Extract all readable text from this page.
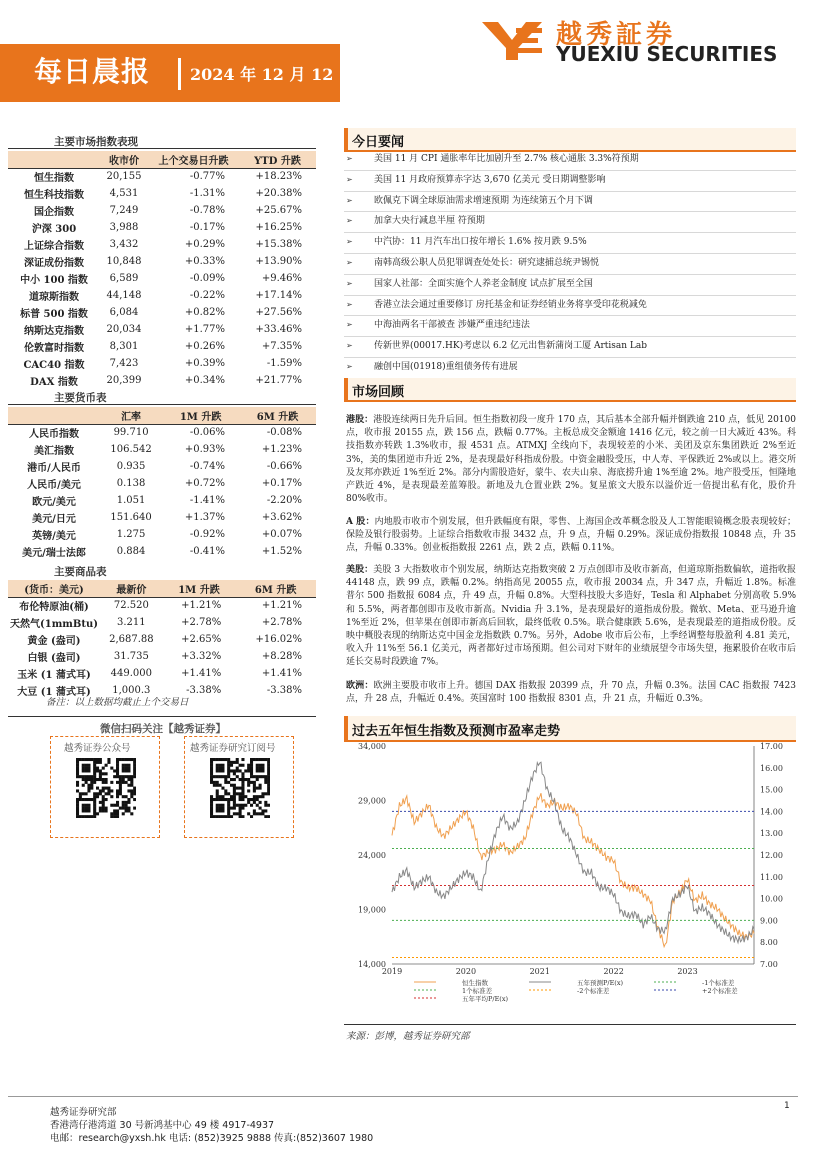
每日晨报 2024 年 12 月 12 日
越秀証券
YUEXIU SECURITIES
主要市场指数表现
	收市价	上个交易日升跌	YTD 升跌
恒生指数	20,155	-0.77%	+18.23%
恒生科技指数	4,531	-1.31%	+20.38%
国企指数	7,249	-0.78%	+25.67%
沪深 300	3,988	-0.17%	+16.25%
上证综合指数	3,432	+0.29%	+15.38%
深证成份指数	10,848	+0.33%	+13.90%
中小 100 指数	6,589	-0.09%	+9.46%
道琼斯指数	44,148	-0.22%	+17.14%
标普 500 指数	6,084	+0.82%	+27.56%
纳斯达克指数	20,034	+1.77%	+33.46%
伦敦富时指数	8,301	+0.26%	+7.35%
CAC40 指数	7,423	+0.39%	-1.59%
DAX 指数	20,399	+0.34%	+21.77%
主要货币表
	汇率	1M 升跌	6M 升跌
人民币指数	99.710	-0.06%	-0.08%
美汇指数	106.542	+0.93%	+1.23%
港币/人民币	0.935	-0.74%	-0.66%
人民币/美元	0.138	+0.72%	+0.17%
欧元/美元	1.051	-1.41%	-2.20%
美元/日元	151.640	+1.37%	+3.62%
英镑/美元	1.275	-0.92%	+0.07%
美元/瑞士法郎	0.884	-0.41%	+1.52%
主要商品表
(货币：美元)	最新价	1M 升跌	6M 升跌
布伦特原油(桶)	72.520	+1.21%	+1.21%
天然气(1mmBtu)	3.211	+2.78%	+2.78%
黄金 (盎司)	2,687.88	+2.65%	+16.02%
白银 (盎司)	31.735	+3.32%	+8.28%
玉米 (1 蒲式耳)	449.000	+1.41%	+1.41%
大豆 (1 蒲式耳)	1,000.3	-3.38%	-3.38%
备注：以上数据均截止上个交易日
微信扫码关注【越秀证券】
越秀证券公众号	越秀证券研究订阅号
今日要闻
➢ 美国 11 月 CPI 通胀率年比加剧升至 2.7% 核心通胀 3.3%符预期
➢ 美国 11 月政府预算赤字达 3,670 亿美元 受日期调整影响
➢ 欧佩克下调全球原油需求增速预期 为连续第五个月下调
➢ 加拿大央行减息半厘 符预期
➢ 中汽协：11 月汽车出口按年增长 1.6% 按月跌 9.5%
➢ 南韩高级公职人员犯罪调查处处长：研究逮捕总统尹锡悦
➢ 国家人社部：全面实施个人养老金制度 试点扩展至全国
➢ 香港立法会通过重要修订 房托基金和证券经销业务将享受印花税减免
➢ 中海油两名干部被查 涉嫌严重违纪违法
➢ 传新世界(00017.HK)考虑以 6.2 亿元出售新蒲岗工厦 Artisan Lab
➢ 融创中国(01918)重组债务传有进展
市场回顾
港股：港股连续两日先升后回。恒生指数初段一度升 170 点，其后基本全部升幅并倒跌逾 210 点，低见 20100 点，收市报 20155 点，跌 156 点，跌幅 0.77%。主板总成交金额逾 1416 亿元，较之前一日大减近 43%。科技指数亦转跌 1.3%收市，报 4531 点。ATMXJ 全线向下，表现较差的小米、美团及京东集团跌近 2%至近 3%，美的集团逆市升近 2%，是表现最好科指成份股。中资金融股受压，中人寿、平保跌近 2%或以上。港交所及友邦亦跌近 1%至近 2%。部分内需股造好，蒙牛、农夫山泉、海底捞升逾 1%至逾 2%。地产股受压，恒隆地产跌近 4%，是表现最差蓝筹股。新地及九仓置业跌 2%。复星旅文大股东以溢价近一倍提出私有化，股价升 80%收市。
A 股：内地股市收市个别发展，但升跌幅度有限，零售、上海国企改革概念股及人工智能眼镜概念股表现较好；保险及银行股弱势。上证综合指数收市报 3432 点，升 9 点，升幅 0.29%。深证成份指数报 10848 点，升 35 点，升幅 0.33%。创业板指数报 2261 点，跌 2 点，跌幅 0.11%。
美股：美股 3 大指数收市个别发展，纳斯达克指数突破 2 万点创即市及收市新高，但道琼斯指数偏软，道指收报 44148 点，跌 99 点，跌幅 0.2%。纳指高见 20055 点，收市报 20034 点，升 347 点，升幅近 1.8%。标准普尔 500 指数报 6084 点，升 49 点，升幅 0.8%。大型科技股大多造好，Tesla 和 Alphabet 分别高收 5.9%和 5.5%，两者都创即市及收市新高。Nvidia 升 3.1%，是表现最好的道指成份股。微软、Meta、亚马逊升逾 1%至近 2%，但苹果在创即市新高后回软，最终低收 0.5%。联合健康跌 5.6%，是表现最差的道指成份股。反映中概股表现的纳斯达克中国金龙指数跌 0.7%。另外，Adobe 收市后公布，上季经调整每股盈利 4.81 美元，收入升 11%至 56.1 亿美元，两者都好过市场预期。但公司对下财年的业绩展望令市场失望，拖累股价在收市后延长交易时段跌逾 7%。
欧洲：欧洲主要股市收市上升。德国 DAX 指数报 20399 点，升 70 点，升幅 0.3%。法国 CAC 指数报 7423 点，升 28 点，升幅近 0.4%。英国富时 100 指数报 8301 点，升 21 点，升幅近 0.3%。
过去五年恒生指数及预测市盈率走势
34,000
29,000
24,000
19,000
14,000
17.00
16.00
15.00
14.00
13.00
12.00
11.00
10.00
9.00
8.00
7.00
2019	2020	2021	2022	2023
恒生指数	五年预测P/E(x)	-1个标准差
1个标准差	-2个标准差	+2个标准差
五年平均P/E(x)
来源：彭博，越秀证券研究部
越秀证券研究部
香港湾仔港湾道 30 号新鸿基中心 49 楼 4917-4937
电邮：research@yxsh.hk 电话: (852)3925 9888 传真:(852)3607 1980
1
